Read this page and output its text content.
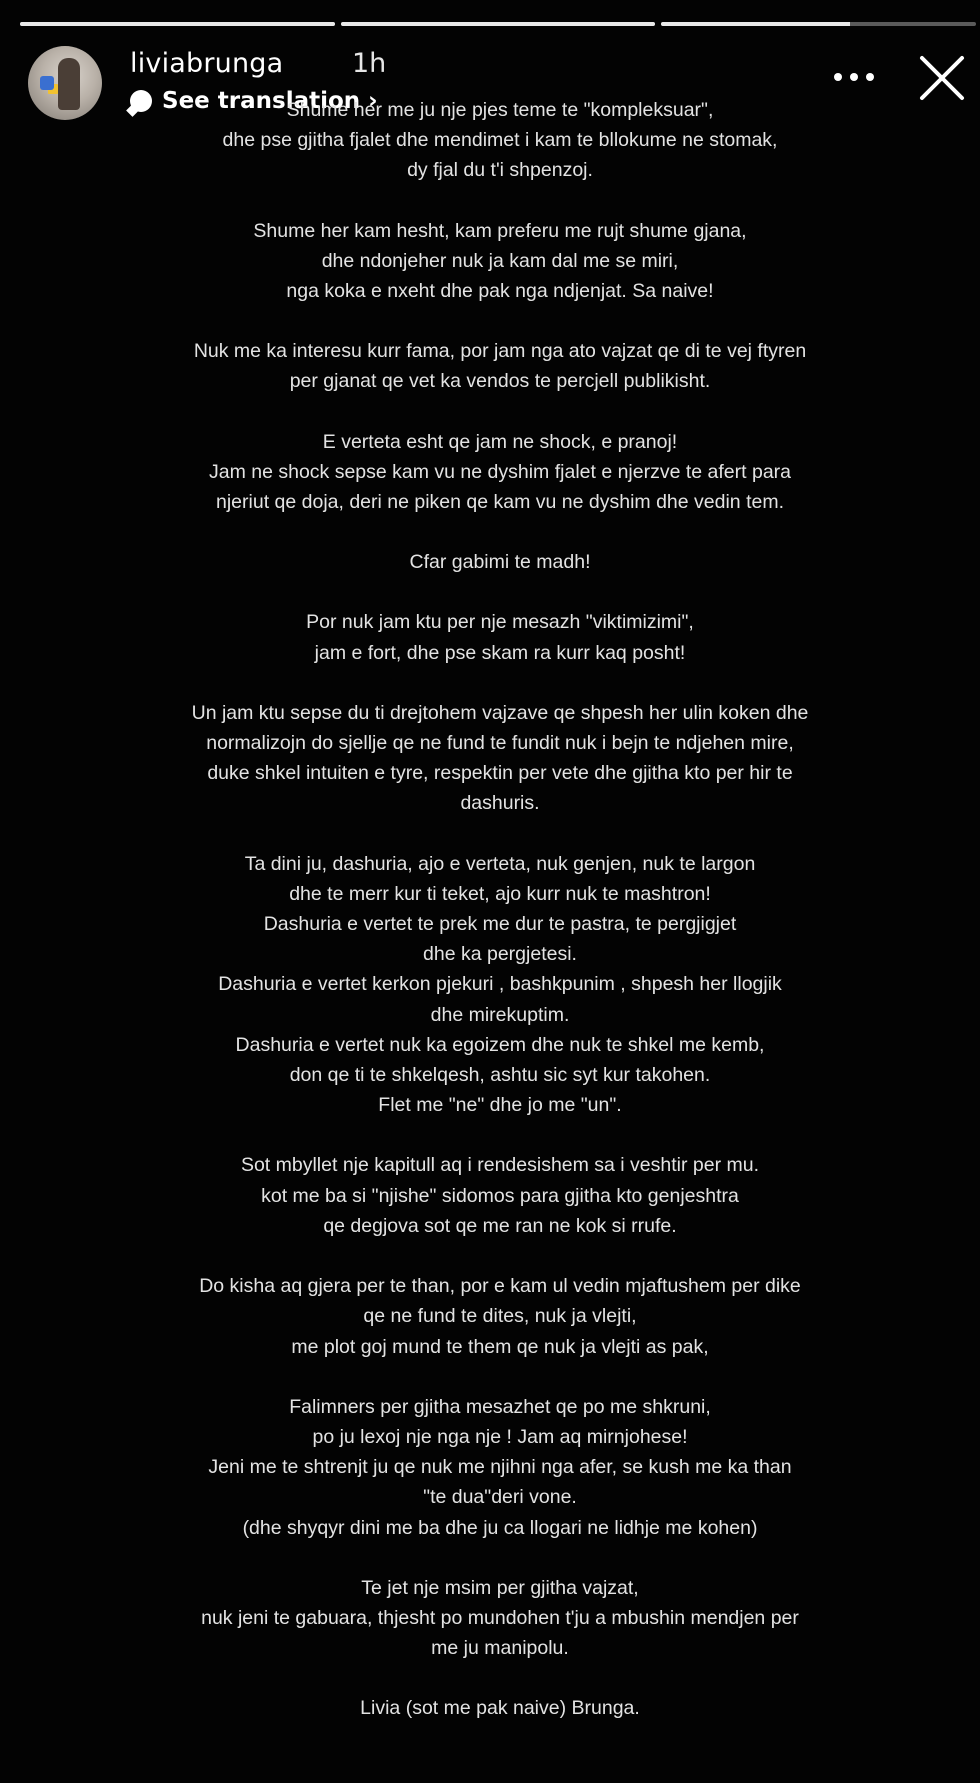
liviabrunga	1h
See translation ›

Shume her me ju nje pjes teme te "kompleksuar",

dhe pse gjitha fjalet dhe mendimet i kam te bllokume ne stomak,

dy fjal du t'i shpenzoj.

Shume her kam hesht, kam preferu me rujt shume gjana,

dhe ndonjeher nuk ja kam dal me se miri,

nga koka e nxeht dhe pak nga ndjenjat. Sa naive!

Nuk me ka interesu kurr fama, por jam nga ato vajzat qe di te vej ftyren

per gjanat qe vet ka vendos te percjell publikisht.

E verteta esht qe jam ne shock, e pranoj!

Jam ne shock sepse kam vu ne dyshim fjalet e njerzve te afert para

njeriut qe doja, deri ne piken qe kam vu ne dyshim dhe vedin tem.

Cfar gabimi te madh!

Por nuk jam ktu per nje mesazh "viktimizimi",

jam e fort, dhe pse skam ra kurr kaq posht!

Un jam ktu sepse du ti drejtohem vajzave qe shpesh her ulin koken dhe

normalizojn do sjellje qe ne fund te fundit nuk i bejn te ndjehen mire,

duke shkel intuiten e tyre, respektin per vete dhe gjitha kto per hir te

dashuris.

Ta dini ju, dashuria, ajo e verteta, nuk genjen, nuk te largon

dhe te merr kur ti teket, ajo kurr nuk te mashtron!

Dashuria e vertet te prek me dur te pastra, te pergjigjet

dhe ka pergjetesi.

Dashuria e vertet kerkon pjekuri , bashkpunim , shpesh her llogjik

dhe mirekuptim.

Dashuria e vertet nuk ka egoizem dhe nuk te shkel me kemb,

don qe ti te shkelqesh, ashtu sic syt kur takohen.

Flet me "ne" dhe jo me "un".

Sot mbyllet nje kapitull aq i rendesishem sa i veshtir per mu.

kot me ba si "njishe" sidomos para gjitha kto genjeshtra

qe degjova sot qe me ran ne kok si rrufe.

Do kisha aq gjera per te than, por e kam ul vedin mjaftushem per dike

qe ne fund te dites, nuk ja vlejti,

me plot goj mund te them qe nuk ja vlejti as pak,

Falimners per gjitha mesazhet qe po me shkruni,

po ju lexoj nje nga nje ! Jam aq mirnjohese!

Jeni me te shtrenjt ju qe nuk me njihni nga afer, se kush me ka than

"te dua"deri vone.

(dhe shyqyr dini me ba dhe ju ca llogari ne lidhje me kohen)

Te jet nje msim per gjitha vajzat,

nuk jeni te gabuara, thjesht po mundohen t'ju a mbushin mendjen per

me ju manipolu.

Livia (sot me pak naive) Brunga.
